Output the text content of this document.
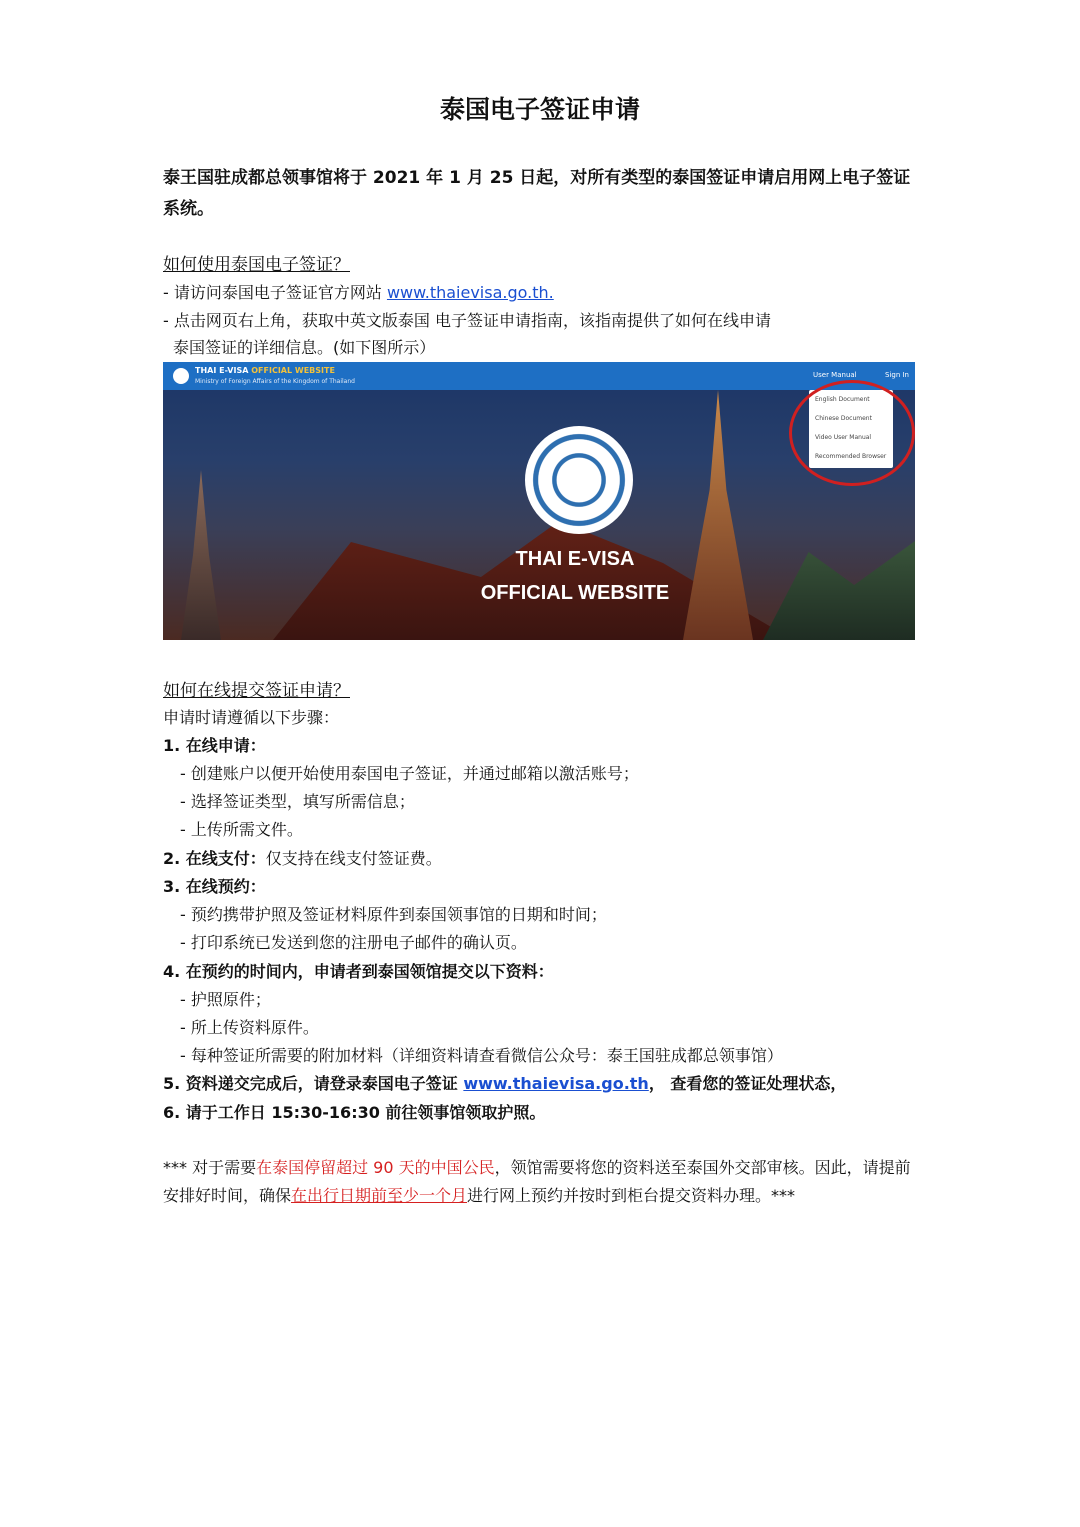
泰国电子签证申请
泰王国驻成都总领事馆将于 2021 年 1 月 25 日起，对所有类型的泰国签证申请启用网上电子签证系统。
如何使用泰国电子签证？
- 请访问泰国电子签证官方网站 www.thaievisa.go.th.
- 点击网页右上角，获取中英文版泰国 电子签证申请指南，该指南提供了如何在线申请
泰国签证的详细信息。(如下图所示）
THAI E-VISA OFFICIAL WEBSITE
Ministry of Foreign Affairs of the Kingdom of Thailand
User Manual	Sign In
English Document
Chinese Document
Video User Manual
Recommended Browser
THAI E-VISA
OFFICIAL WEBSITE
如何在线提交签证申请？
申请时请遵循以下步骤：
1. 在线申请：
- 创建账户以便开始使用泰国电子签证，并通过邮箱以激活账号；
- 选择签证类型，填写所需信息；
- 上传所需文件。
2. 在线支付：仅支持在线支付签证费。
3. 在线预约：
- 预约携带护照及签证材料原件到泰国领事馆的日期和时间；
- 打印系统已发送到您的注册电子邮件的确认页。
4. 在预约的时间内，申请者到泰国领馆提交以下资料：
- 护照原件；
- 所上传资料原件。
- 每种签证所需要的附加材料（详细资料请查看微信公众号：泰王国驻成都总领事馆）
5. 资料递交完成后，请登录泰国电子签证 www.thaievisa.go.th， 查看您的签证处理状态，
6. 请于工作日 15:30-16:30 前往领事馆领取护照。
*** 对于需要在泰国停留超过 90 天的中国公民，领馆需要将您的资料送至泰国外交部审核。因此，请提前安排好时间，确保在出行日期前至少一个月进行网上预约并按时到柜台提交资料办理。***
